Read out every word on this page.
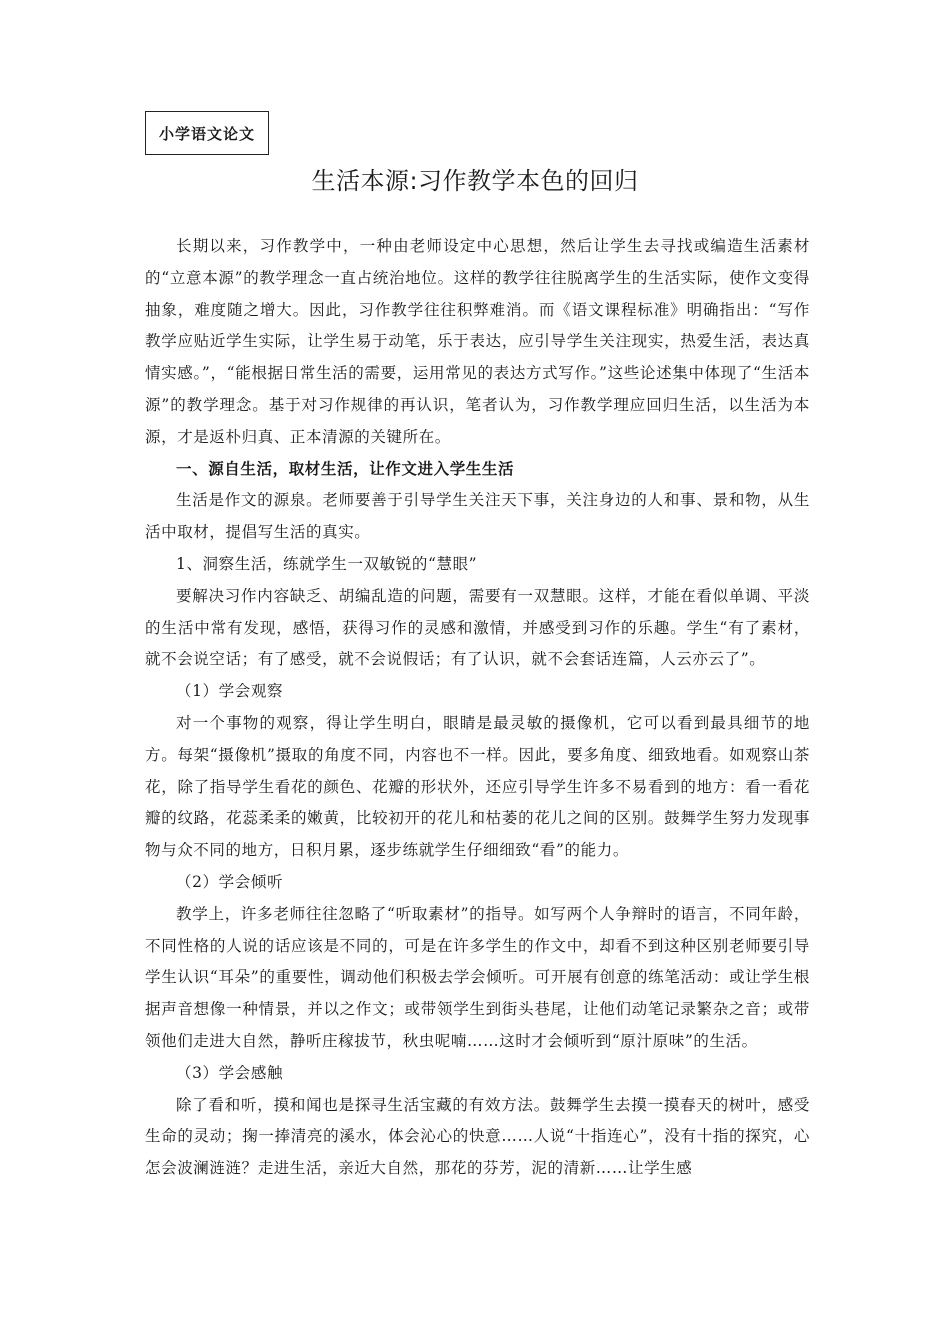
小学语文论文
生活本源:习作教学本色的回归

长期以来，习作教学中，一种由老师设定中心思想，然后让学生去寻找或编造生活素材的“立意本源”的教学理念一直占统治地位。这样的教学往往脱离学生的生活实际，使作文变得抽象，难度随之增大。因此，习作教学往往积弊难消。而《语文课程标准》明确指出：“写作教学应贴近学生实际，让学生易于动笔，乐于表达，应引导学生关注现实，热爱生活，表达真情实感。”，“能根据日常生活的需要，运用常见的表达方式写作。”这些论述集中体现了“生活本源”的教学理念。基于对习作规律的再认识，笔者认为，习作教学理应回归生活，以生活为本源，才是返朴归真、正本清源的关键所在。

一、源自生活，取材生活，让作文进入学生生活

生活是作文的源泉。老师要善于引导学生关注天下事，关注身边的人和事、景和物，从生活中取材，提倡写生活的真实。

1、洞察生活，练就学生一双敏锐的“慧眼”

要解决习作内容缺乏、胡编乱造的问题，需要有一双慧眼。这样，才能在看似单调、平淡的生活中常有发现，感悟，获得习作的灵感和激情，并感受到习作的乐趣。学生“有了素材，就不会说空话；有了感受，就不会说假话；有了认识，就不会套话连篇，人云亦云了”。

（1）学会观察

对一个事物的观察，得让学生明白，眼睛是最灵敏的摄像机，它可以看到最具细节的地方。每架“摄像机”摄取的角度不同，内容也不一样。因此，要多角度、细致地看。如观察山茶花，除了指导学生看花的颜色、花瓣的形状外，还应引导学生许多不易看到的地方：看一看花瓣的纹路，花蕊柔柔的嫩黄，比较初开的花儿和枯萎的花儿之间的区别。鼓舞学生努力发现事物与众不同的地方，日积月累，逐步练就学生仔细细致“看”的能力。

（2）学会倾听

教学上，许多老师往往忽略了“听取素材”的指导。如写两个人争辩时的语言，不同年龄，不同性格的人说的话应该是不同的，可是在许多学生的作文中，却看不到这种区别老师要引导学生认识“耳朵”的重要性，调动他们积极去学会倾听。可开展有创意的练笔活动：或让学生根据声音想像一种情景，并以之作文；或带领学生到街头巷尾，让他们动笔记录繁杂之音；或带领他们走进大自然，静听庄稼拔节，秋虫呢喃……这时才会倾听到“原汁原味”的生活。

（3）学会感触

除了看和听，摸和闻也是探寻生活宝藏的有效方法。鼓舞学生去摸一摸春天的树叶，感受生命的灵动；掬一捧清亮的溪水，体会沁心的快意……人说“十指连心”，没有十指的探究，心怎会波澜涟涟？走进生活，亲近大自然，那花的芬芳，泥的清新……让学生感
